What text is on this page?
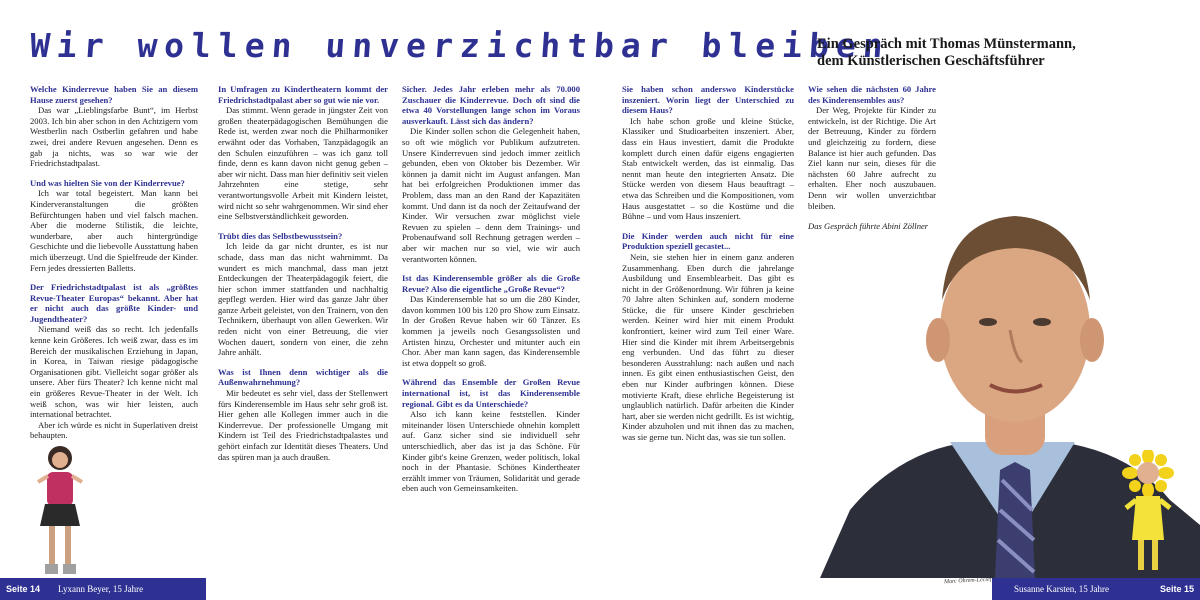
Wir wollen unverzichtbar bleiben
Ein Gespräch mit Thomas Münstermann, dem Künstlerischen Geschäftsführer
Welche Kinderrevue haben Sie an diesem Hause zuerst gesehen?
Das war „Lieblingsfarbe Bunt“, im Herbst 2003. Ich bin aber schon in den Achtzigern vom Westberlin nach Ostberlin gefahren und habe zwei, drei andere Revuen angesehen. Denn es gab ja nichts, was so war wie der Friedrichstadtpalast.
Und was hielten Sie von der Kinderrevue?
Ich war total begeistert. Man kann bei Kinderveranstaltungen die größten Befürchtungen haben und viel falsch machen. Aber die moderne Stilistik, die leichte, wunderbare, aber auch hintergründige Geschichte und die liebevolle Ausstattung haben mich überzeugt. Und die Spielfreude der Kinder. Fern jedes dressierten Balletts.
Der Friedrichstadtpalast ist als „größtes Revue-Theater Europas“ bekannt. Aber hat er nicht auch das größte Kinder- und Jugendtheater?
Niemand weiß das so recht. Ich jedenfalls kenne kein Größeres. Ich weiß zwar, dass es im Bereich der musikalischen Erziehung in Japan, in Korea, in Taiwan riesige pädagogische Organisationen gibt. Vielleicht sogar größer als unsere. Aber fürs Theater? Ich kenne nicht mal ein größeres Revue-Theater in der Welt. Ich weiß schon, was wir hier leisten, auch international betrachtet.
Aber ich würde es nicht in Superlativen dreist behaupten.
In Umfragen zu Kindertheatern kommt der Friedrichstadtpalast aber so gut wie nie vor.
Das stimmt. Wenn gerade in jüngster Zeit von großen theaterpädagogischen Bemühungen die Rede ist, werden zwar noch die Philharmoniker erwähnt oder das Vorhaben, Tanzpädagogik an den Schulen einzuführen – was ich ganz toll finde, denn es kann davon nicht genug geben – aber wir nicht. Dass man hier definitiv seit vielen Jahrzehnten eine stetige, sehr verantwortungsvolle Arbeit mit Kindern leistet, wird nicht so sehr wahrgenommen. Wir sind eher eine Selbstverständlichkeit geworden.
Trübt dies das Selbstbewusstsein?
Ich leide da gar nicht drunter, es ist nur schade, dass man das nicht wahrnimmt. Da wundert es mich manchmal, dass man jetzt Entdeckungen der Theaterpädagogik feiert, die hier schon immer stattfanden und nachhaltig gepflegt werden. Hier wird das ganze Jahr über ganze Arbeit geleistet, von den Trainern, von den Technikern, überhaupt von allen Gewerken. Wir reden nicht von einer Betreuung, die vier Wochen dauert, sondern von einer, die zehn Jahre anhält.
Was ist Ihnen denn wichtiger als die Außenwahrnehmung?
Mir bedeutet es sehr viel, dass der Stellenwert fürs Kinderensemble im Haus sehr sehr groß ist. Hier gehen alle Kollegen immer auch in die Kinderrevue. Der professionelle Umgang mit Kindern ist Teil des Friedrichstadtpalastes und gehört einfach zur Identität dieses Theaters. Und das spüren man ja auch draußen.
Sicher. Jedes Jahr erleben mehr als 70.000 Zuschauer die Kinderrevue. Doch oft sind die etwa 40 Vorstellungen lange schon im Voraus ausverkauft. Lässt sich das ändern?
Die Kinder sollen schon die Gelegenheit haben, so oft wie möglich vor Publikum aufzutreten. Unsere Kinderrevuen sind jedoch immer zeitlich gebunden, eben von Oktober bis Dezember. Wir können ja damit nicht im August anfangen. Man hat bei erfolgreichen Produktionen immer das Problem, dass man an den Rand der Kapazitäten kommt. Und dann ist da noch der Zeitaufwand der Kinder. Wir versuchen zwar möglichst viele Revuen zu spielen – denn dem Trainings- und Probenaufwand soll Rechnung getragen werden – aber wir machen nur so viel, wie wir auch verantworten können.
Ist das Kinderensemble größer als die Große Revue? Also die eigentliche „Große Revue“?
Das Kinderensemble hat so um die 280 Kinder, davon kommen 100 bis 120 pro Show zum Einsatz. In der Großen Revue haben wir 60 Tänzer. Es kommen ja jeweils noch Gesangssolisten und Artisten hinzu, Orchester und mitunter auch ein Chor. Aber man kann sagen, das Kinderensemble ist etwa doppelt so groß.
Während das Ensemble der Großen Revue international ist, ist das Kinderensemble regional. Gibt es da Unterschiede?
Also ich kann keine feststellen. Kinder miteinander lösen Unterschiede ohnehin komplett auf. Ganz sicher sind sie individuell sehr unterschiedlich, aber das ist ja das Schöne. Für Kinder gibt's keine Grenzen, weder politisch, lokal noch in der Phantasie. Schönes Kindertheater erzählt immer von Träumen, Solidarität und gerade eben auch von Gemeinsamkeiten.
Sie haben schon anderswo Kinderstücke inszeniert. Worin liegt der Unterschied zu diesem Haus?
Ich habe schon große und kleine Stücke, Klassiker und Studioarbeiten inszeniert. Aber, dass ein Haus investiert, damit die Produkte komplett durch einen dafür eigens engagierten Stab entwickelt werden, das ist einmalig. Das nennt man heute den integrierten Ansatz. Die Stücke werden von diesem Haus beauftragt – etwa das Schreiben und die Kompositionen, vom Haus ausgestattet – so die Kostüme und die Bühne – und vom Haus inszeniert.
Die Kinder werden auch nicht für eine Produktion speziell gecastet...
Nein, sie stehen hier in einem ganz anderen Zusammenhang. Eben durch die jahrelange Ausbildung und Ensemblearbeit. Das gibt es nicht in der Größenordnung. Wir führen ja keine 70 Jahre alten Schinken auf, sondern moderne Stücke, die für unsere Kinder geschrieben werden. Keiner wird hier mit einem Produkt konfrontiert, keiner wird zum Teil einer Ware. Hier sind die Kinder mit ihrem Arbeitsergebnis eng verbunden. Und das führt zu dieser besonderen Ausstrahlung: nach außen und nach innen. Es gibt einen enthusiastischen Geist, den eben nur Kinder aufbringen können. Diese motivierte Kraft, diese ehrliche Begeisterung ist unglaublich natürlich. Dafür arbeiten die Kinder hart, aber sie werden nicht gedrillt. Es ist wichtig, Kinder abzuholen und mit ihnen das zu machen, was sie gerne tun. Nicht das, was sie tun sollen.
Wie sehen die nächsten 60 Jahre des Kinderensembles aus?
Der Weg, Projekte für Kinder zu entwickeln, ist der Richtige. Die Art der Betreuung, Kinder zu fördern und gleichzeitig zu fordern, diese Balance ist hier auch gefunden. Das Ziel kann nur sein, dieses für die nächsten 60 Jahre aufrecht zu erhalten. Eher noch auszubauen. Denn wir wollen unverzichtbar bleiben.
Das Gespräch führte Abini Zöllner
Marc Ohrem-Leclef
Seite 14 Lyxann Beyer, 15 Jahre	Susanne Karsten, 15 Jahre	Seite 15
